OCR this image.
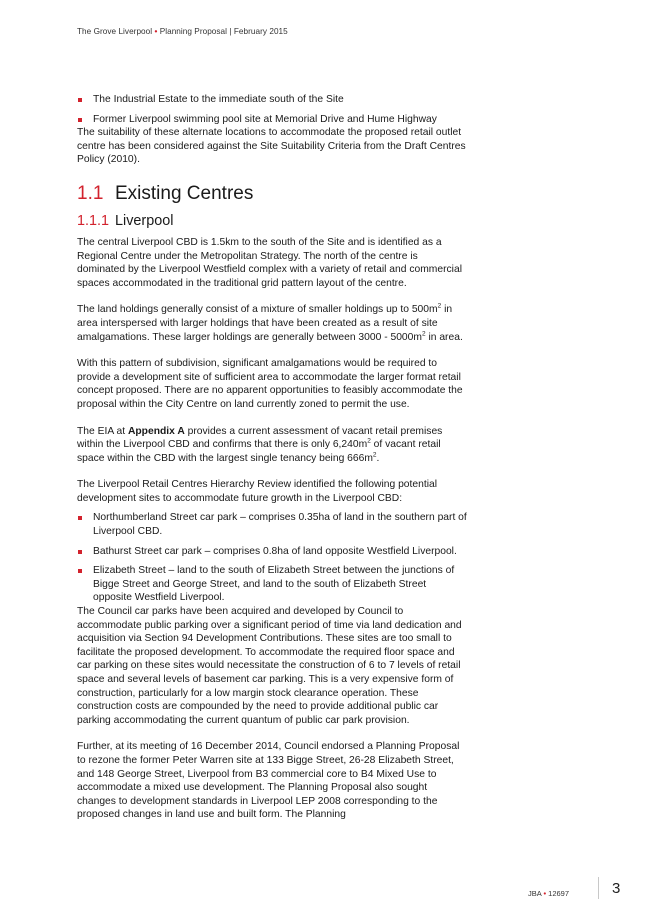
The Grove Liverpool • Planning Proposal | February 2015
The Industrial Estate to the immediate south of the Site
Former Liverpool swimming pool site at Memorial Drive and Hume Highway

The suitability of these alternate locations to accommodate the proposed retail outlet centre has been considered against the Site Suitability Criteria from the Draft Centres Policy (2010).

1.1 Existing Centres
1.1.1 Liverpool

The central Liverpool CBD is 1.5km to the south of the Site and is identified as a Regional Centre under the Metropolitan Strategy. The north of the centre is dominated by the Liverpool Westfield complex with a variety of retail and commercial spaces accommodated in the traditional grid pattern layout of the centre.

The land holdings generally consist of a mixture of smaller holdings up to $500m^2$ in area interspersed with larger holdings that have been created as a result of site amalgamations. These larger holdings are generally between $3000 - 5000m^2$ in area.

With this pattern of subdivision, significant amalgamations would be required to provide a development site of sufficient area to accommodate the larger format retail concept proposed. There are no apparent opportunities to feasibly accommodate the proposal within the City Centre on land currently zoned to permit the use.

The EIA at Appendix A provides a current assessment of vacant retail premises within the Liverpool CBD and confirms that there is only $6,240m^2$ of vacant retail space within the CBD with the largest single tenancy being $666m^2$.

The Liverpool Retail Centres Hierarchy Review identified the following potential development sites to accommodate future growth in the Liverpool CBD:

Northumberland Street car park – comprises 0.35ha of land in the southern part of Liverpool CBD.
Bathurst Street car park – comprises 0.8ha of land opposite Westfield Liverpool.
Elizabeth Street – land to the south of Elizabeth Street between the junctions of Bigge Street and George Street, and land to the south of Elizabeth Street opposite Westfield Liverpool.

The Council car parks have been acquired and developed by Council to accommodate public parking over a significant period of time via land dedication and acquisition via Section 94 Development Contributions. These sites are too small to facilitate the proposed development. To accommodate the required floor space and car parking on these sites would necessitate the construction of 6 to 7 levels of retail space and several levels of basement car parking. This is a very expensive form of construction, particularly for a low margin stock clearance operation. These construction costs are compounded by the need to provide additional public car parking accommodating the current quantum of public car park provision.

Further, at its meeting of 16 December 2014, Council endorsed a Planning Proposal to rezone the former Peter Warren site at 133 Bigge Street, 26-28 Elizabeth Street, and 148 George Street, Liverpool from B3 commercial core to B4 Mixed Use to accommodate a mixed use development. The Planning Proposal also sought changes to development standards in Liverpool LEP 2008 corresponding to the proposed changes in land use and built form. The Planning

JBA • 12697	3
